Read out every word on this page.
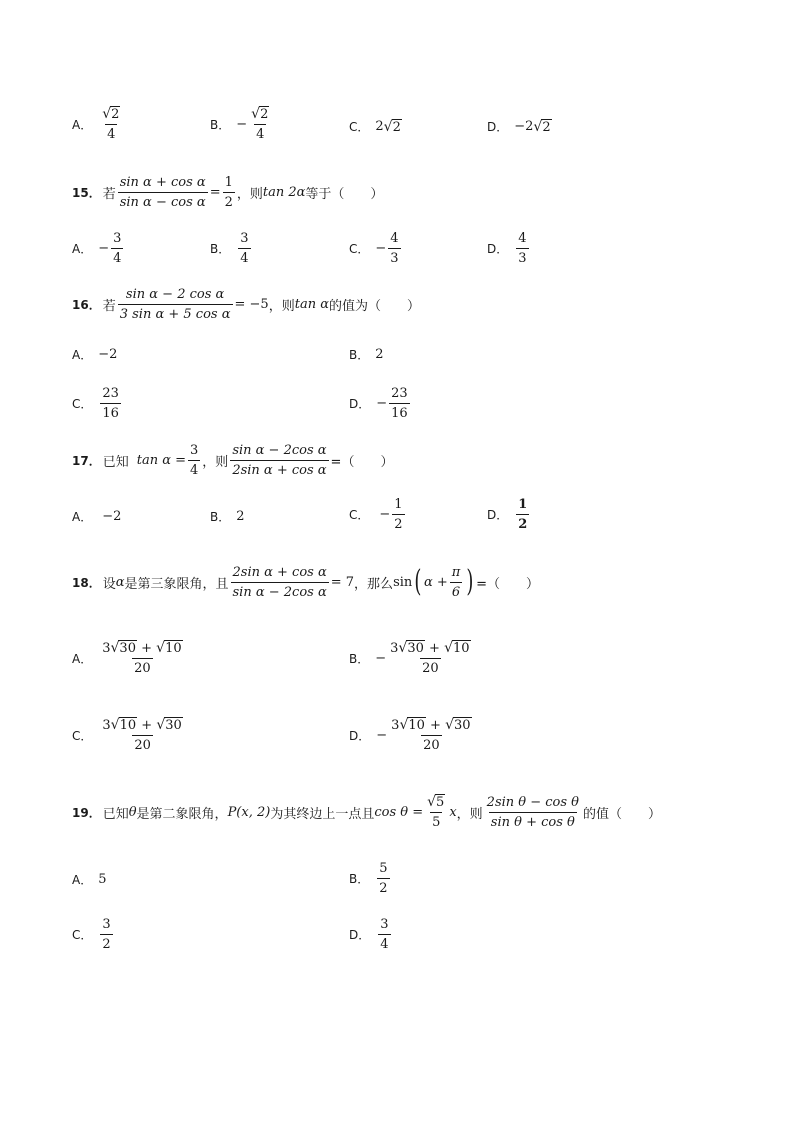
A． $\frac{√ 2}{4}$	B． − $\frac{√ 2}{4}$	C． 2 √ 2	D． −2 √ 2
15． 若 $\frac{\text{sin α + cos α}}{\text{sin α − cos α}} = \frac{1}{2}$ ，则 tan 2α 等于（　　）
A． − $\frac{3}{4}$	B． $\frac{3}{4}$	C． − $\frac{4}{3}$	D． $\frac{4}{3}$
16． 若 $\frac{\text{sin α − 2 cos α}}{\text{3 sin α + 5 cos α}} = -5$ ，则 tan α 的值为（　　）
A． −2	B． 2
C． $\frac{23}{16}$	D． − $\frac{23}{16}$
17． 已知 $\tan \alpha = \frac{3}{4}$ ，则 $\frac{\text{sin α − 2cos α}}{\text{2sin α + cos α}}$ =（　　）
A． −2	B． 2	C． − $\frac{1}{2}$	D． $\frac{1}{2}$
18． 设 α 是第三象限角，且 $\frac{\text{2sin α + cos α}}{\text{sin α − 2cos α}} = 7$ ，那么 sin ( $\alpha + \frac{\pi}{6}$ ) =（　　）
A． $\frac{3 √ 30 + √ 10}{20}$	B． − $\frac{3 √ 30 + √ 10}{20}$
C． $\frac{3 √ 10 + √ 30}{20}$	D． − $\frac{3 √ 10 + √ 30}{20}$
19． 已知 θ 是第二象限角， P(x, 2) 为其终边上一点且 $\cos \theta = \frac{√ 5}{5}$ x ，则 $\frac{\text{2sin θ − cos θ}}{\text{sin θ + cos θ}}$ 的值（　　）
A． 5	B． $\frac{5}{2}$
C． $\frac{3}{2}$	D． $\frac{3}{4}$
